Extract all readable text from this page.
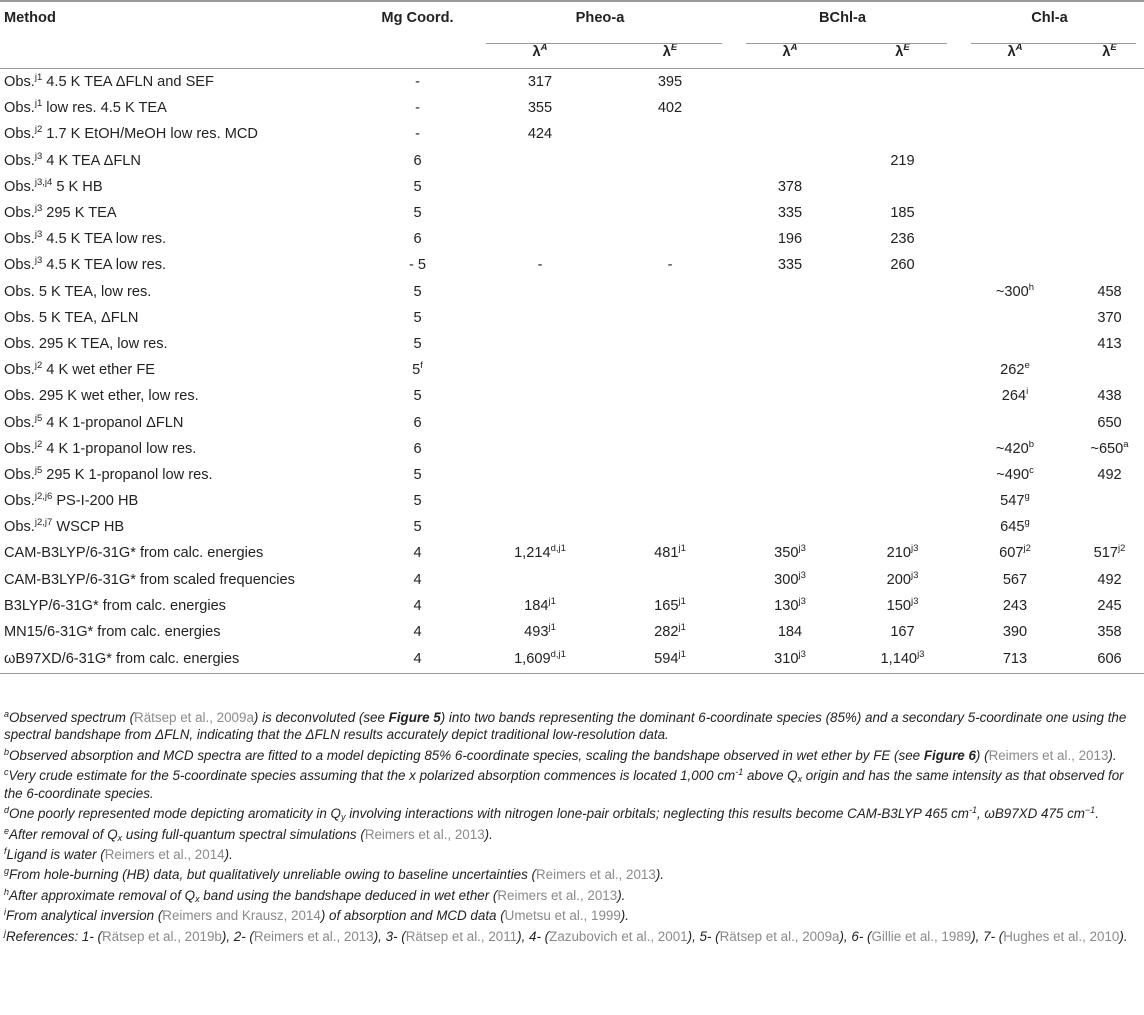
Method	Mg Coord.	Pheo-a		BChl-a		Chl-a	
		$\lambda^A$	$\lambda^E$	$\lambda^A$	$\lambda^E$	$\lambda^A$	$\lambda^E$
Obs.$^{j1}$ 4.5 K TEA ΔFLN and SEF	-	317	395				
Obs.$^{j1}$ low res. 4.5 K TEA	-	355	402				
Obs.$^{j2}$ 1.7 K EtOH/MeOH low res. MCD	-	424					
Obs.$^{j3}$ 4 K TEA ΔFLN	6				219		
Obs.$^{j3,j4}$ 5 K HB	5			378			
Obs.$^{j3}$ 295 K TEA	5			335	185		
Obs.$^{j3}$ 4.5 K TEA low res.	6			196	236		
Obs.$^{j3}$ 4.5 K TEA low res.	- 5	-	-	335	260		
Obs. 5 K TEA, low res.	5					~300$^h$	458
Obs. 5 K TEA, ΔFLN	5						370
Obs. 295 K TEA, low res.	5						413
Obs.$^{j2}$ 4 K wet ether FE	5$^f$					262e	
Obs. 295 K wet ether, low res.	5					264$^i$	438
Obs.$^{j5}$ 4 K 1-propanol ΔFLN	6						650
Obs.$^{j2}$ 4 K 1-propanol low res.	6					~420$^b$	~650$^a$
Obs.$^{j5}$ 295 K 1-propanol low res.	5					~490$^c$	492
Obs.$^{j2,j6}$ PS-I-200 HB	5					547$^g$	
Obs.$^{j2,j7}$ WSCP HB	5					645$^g$	
CAM-B3LYP/6-31G* from calc. energies	4	$1,214^{d,j1}$	$481^{j1}$	$350^{j3}$	$210^{j3}$	$607^{j2}$	$517^{j2}$
CAM-B3LYP/6-31G* from scaled frequencies	4			$300^{j3}$	$200^{j3}$	567	492
B3LYP/6-31G* from calc. energies	4	$184^{j1}$	$165^{j1}$	$130^{j3}$	$150^{j3}$	243	245
MN15/6-31G* from calc. energies	4	$493^{j1}$	$282^{j1}$	184	167	390	358
ωB97XD/6-31G* from calc. energies	4	$1,609^{d,j1}$	$594^{j1}$	$310^{j3}$	$1,140^{j3}$	713	606

$^a$Observed spectrum (Rätsep et al., 2009a) is deconvoluted (see Figure 5) into two bands representing the dominant 6-coordinate species (85%) and a secondary 5-coordinate one using the spectral bandshape from ΔFLN, indicating that the ΔFLN results accurately depict traditional low-resolution data.

$^b$Observed absorption and MCD spectra are fitted to a model depicting 85% 6-coordinate species, scaling the bandshape observed in wet ether by FE (see Figure 6) (Reimers et al., 2013).

$^c$Very crude estimate for the 5-coordinate species assuming that the x polarized absorption commences is located 1,000 $cm^{-1}$ above $Q_x$ origin and has the same intensity as that observed for the 6-coordinate species.

$^d$One poorly represented mode depicting aromaticity in $Q_y$ involving interactions with nitrogen lone-pair orbitals; neglecting this results become CAM-B3LYP 465 $cm^{-1}$, ωB97XD 475 $cm^{-1}$.

$^e$After removal of $Q_x$ using full-quantum spectral simulations (Reimers et al., 2013).

$^f$Ligand is water (Reimers et al., 2014).

$^g$From hole-burning (HB) data, but qualitatively unreliable owing to baseline uncertainties (Reimers et al., 2013).

$^h$After approximate removal of $Q_x$ band using the bandshape deduced in wet ether (Reimers et al., 2013).

$^i$From analytical inversion (Reimers and Krausz, 2014) of absorption and MCD data (Umetsu et al., 1999).

$^j$References: 1- (Rätsep et al., 2019b), 2- (Reimers et al., 2013), 3- (Rätsep et al., 2011), 4- (Zazubovich et al., 2001), 5- (Rätsep et al., 2009a), 6- (Gillie et al., 1989), 7- (Hughes et al., 2010).
